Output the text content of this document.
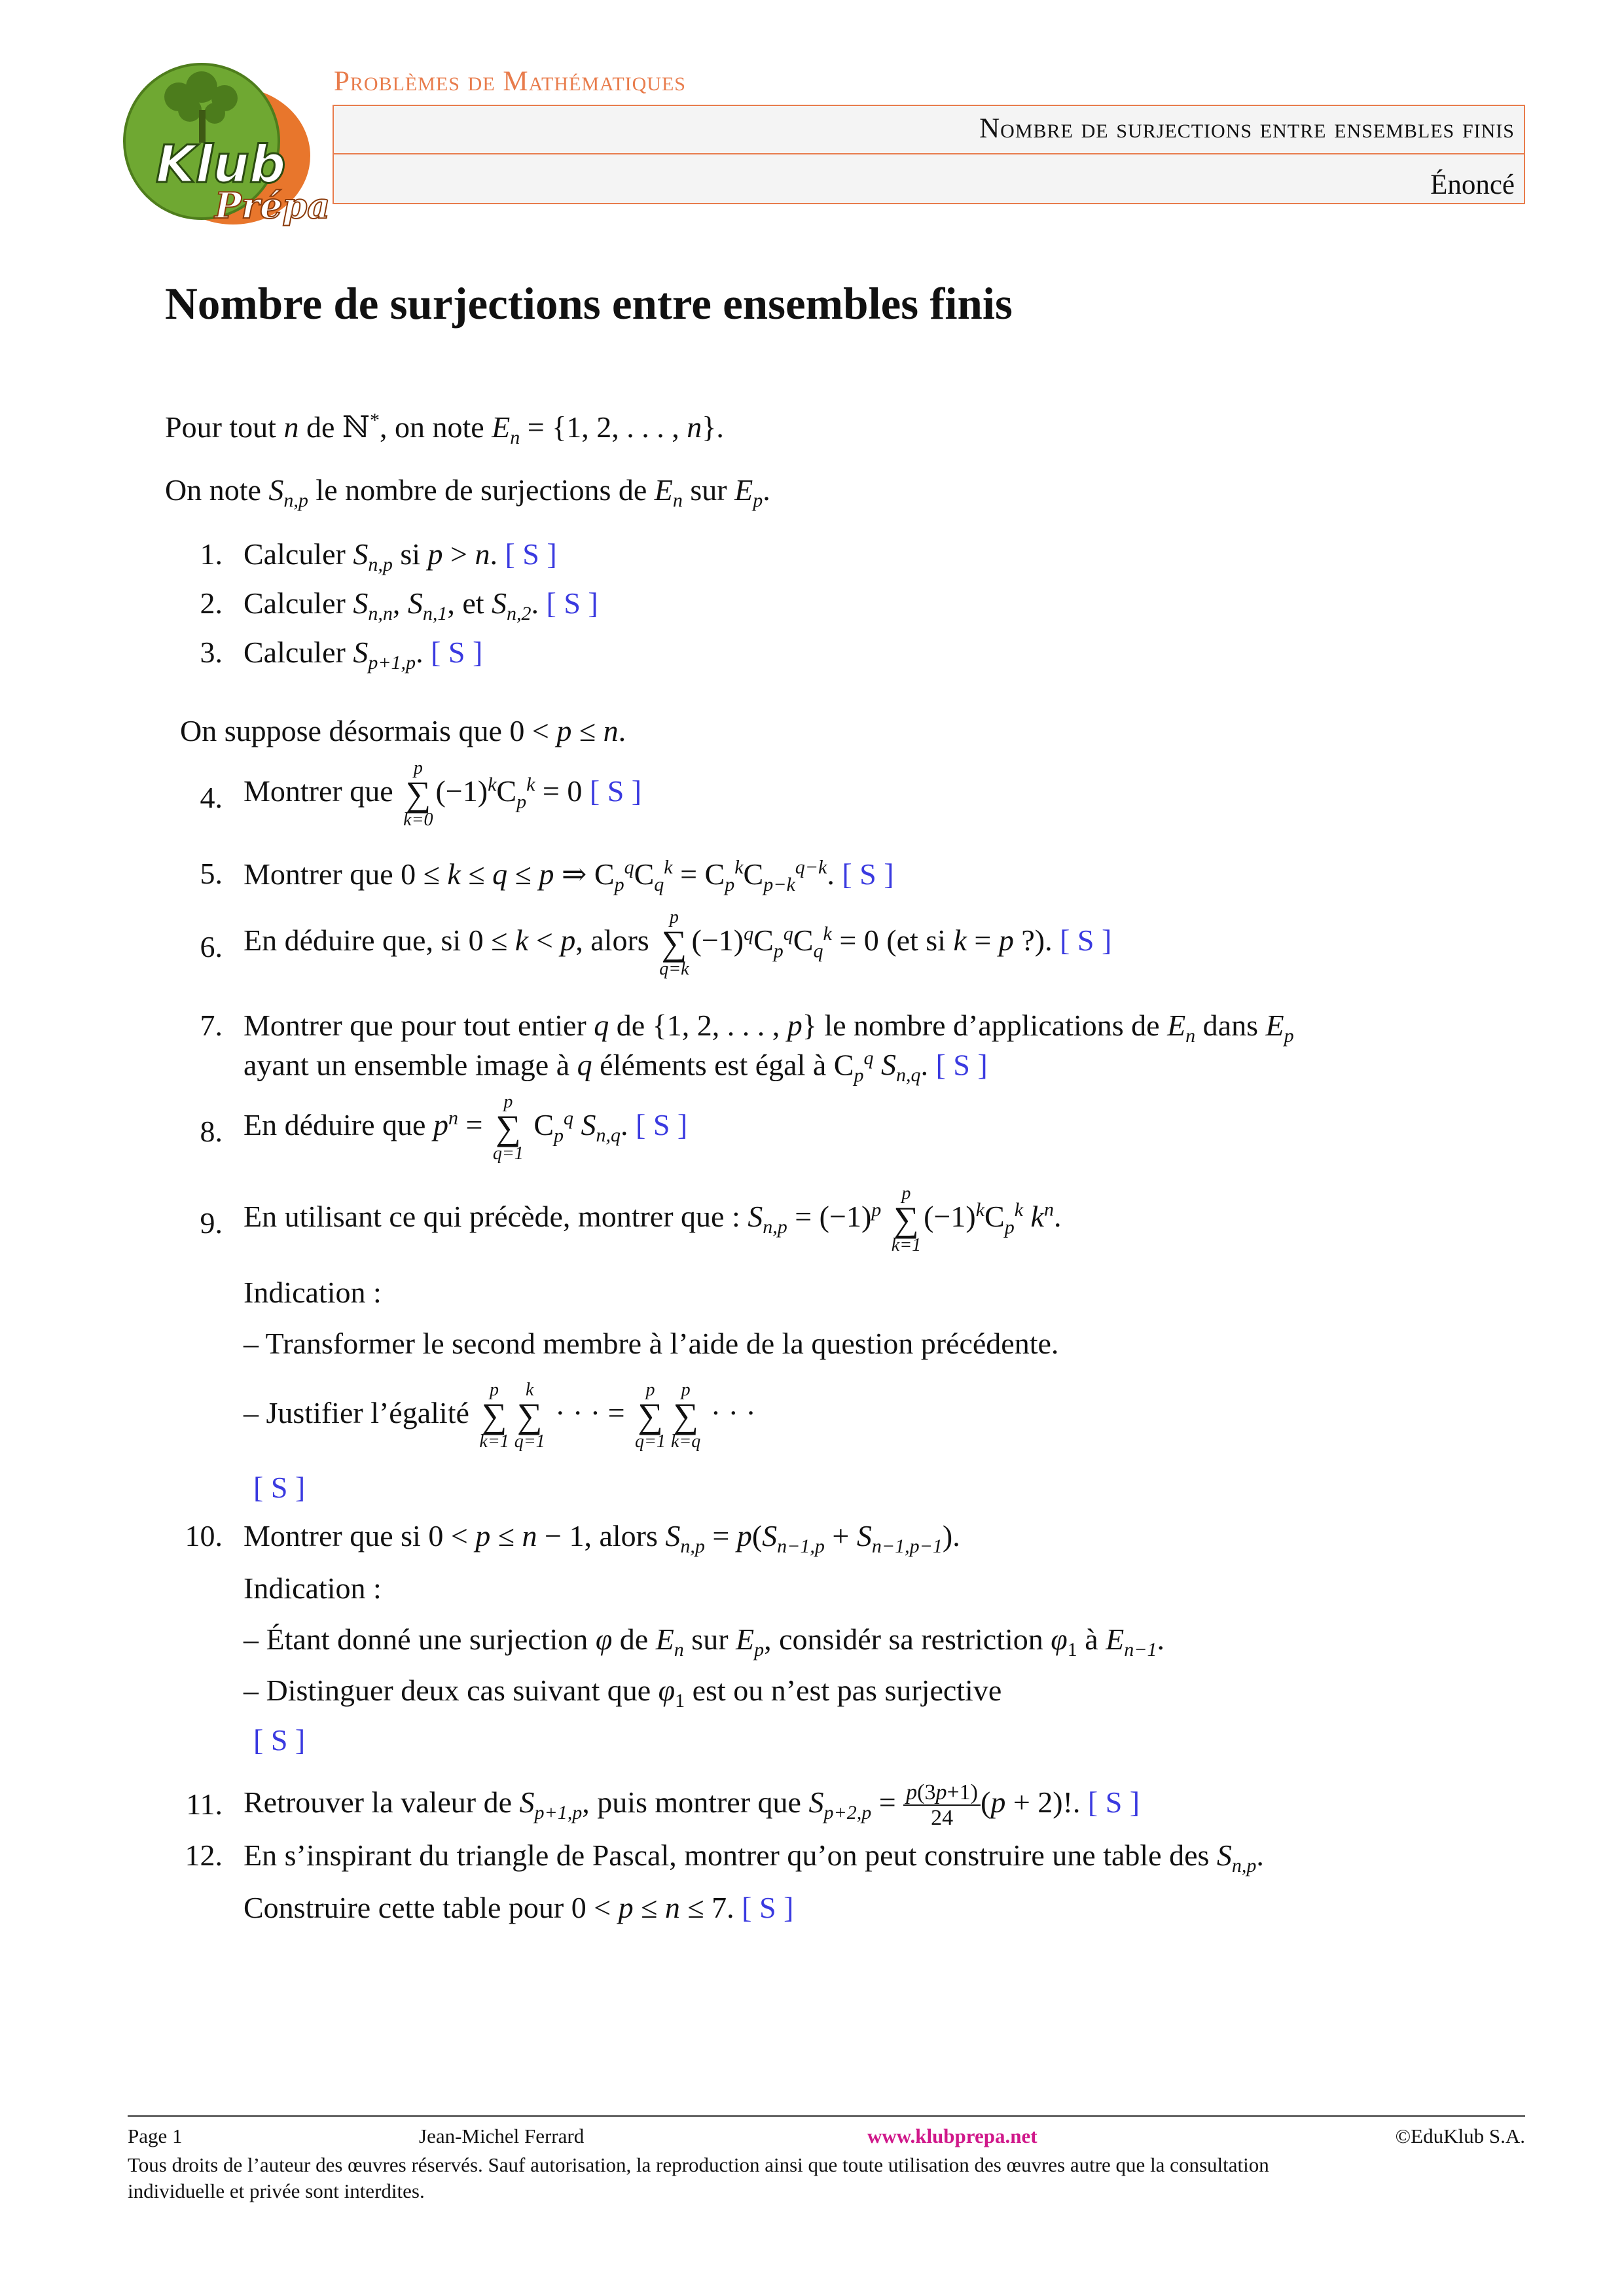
Klub
Prépa
Problèmes de Mathématiques
Nombre de surjections entre ensembles finis
Énoncé
Nombre de surjections entre ensembles finis
Pour tout n de ℕ*, on note $E_n = \{1$, 2, . . . , n}.
On note $S_{n,p}$ le nombre de surjections de $E_n$ sur $E_p$.
1. Calculer $S_{n,p}$ si p > n. [ S ]
2. Calculer $S_{n,n}$, $S_{n,1}$, et $S_{n,2}$. [ S ]
3. Calculer $S_{p+1,p}$. [ S ]
On suppose désormais que 0 < p ≤ n.
4. Montrer que
p
∑
k=0
$(-1)^kC_p^k = 0$ [ S ]
5. Montrer que 0 ≤ k ≤ q ≤ p ⇒ $C_p^qC_q^k = C_p^kC_{p-k}^{q-k}$. [ S ]
6. En déduire que, si 0 ≤ k < p, alors
p
∑
q=k
$(-1)^qC_p^qC_q^k = 0$ (et si k = p ?). [ S ]
7. Montrer que pour tout entier q de {1, 2, . . . , p} le nombre d’applications de $E_n$ dans $E_p$
ayant un ensemble image à q éléments est égal à $C_p^q$ $S_{n,q}$. [ S ]
8. En déduire que $p^n$ =
p
∑
q=1
$C_p^q$ $S_{n,q}$. [ S ]
9. En utilisant ce qui précède, montrer que : $S_{n,p} = (-1)^p$
p
∑
k=1
$(-1)^kC_p^k$ $k^n$.
Indication :
– Transformer le second membre à l’aide de la question précédente.
– Justifier l’égalité
p
∑
k=1
k
∑
q=1
· · · =
p
∑
q=1
p
∑
k=q
· · ·
[ S ]
10. Montrer que si 0 < p ≤ n − 1, alors $S_{n,p} = p(S_{n-1,p} + S_{n-1,p-1})$.
Indication :
– Étant donné une surjection φ de $E_n$ sur $E_p$, considér sa restriction $\varphi_1$ à $E_{n-1}$.
– Distinguer deux cas suivant que $\varphi_1$ est ou n’est pas surjective
[ S ]
11. Retrouver la valeur de $S_{p+1,p}$, puis montrer que $S_{p+2,p} = \frac{p(3p+1)}{24} (p + 2)$!. [ S ]
12. En s’inspirant du triangle de Pascal, montrer qu’on peut construire une table des $S_{n,p}$.
Construire cette table pour 0 < p ≤ n ≤ 7. [ S ]
Page 1	Jean-Michel Ferrard	www.klubprepa.net	©EduKlub S.A.
Tous droits de l’auteur des œuvres réservés. Sauf autorisation, la reproduction ainsi que toute utilisation des œuvres autre que la consultation
individuelle et privée sont interdites.
